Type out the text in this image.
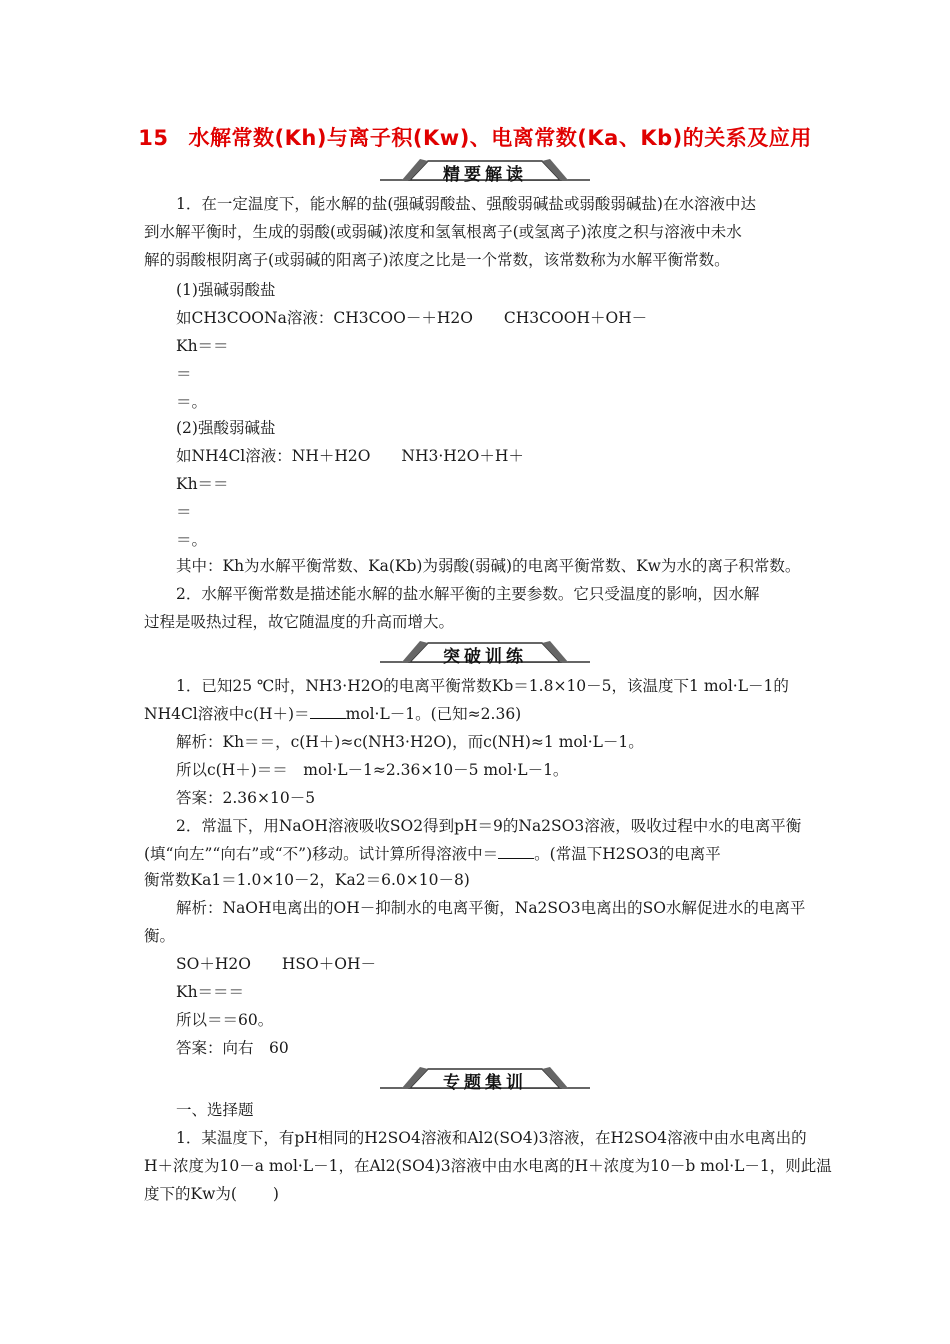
15 水解常数(Kh)与离子积(Kw)、电离常数(Ka、Kb)的关系及应用
精要解读
1．在一定温度下，能水解的盐(强碱弱酸盐、强酸弱碱盐或弱酸弱碱盐)在水溶液中达
到水解平衡时，生成的弱酸(或弱碱)浓度和氢氧根离子(或氢离子)浓度之积与溶液中未水
解的弱酸根阴离子(或弱碱的阳离子)浓度之比是一个常数，该常数称为水解平衡常数。
(1)强碱弱酸盐
如CH3COONa溶液：CH3COO－＋H2O　　CH3COOH＋OH－
Kh＝＝
＝
＝。
(2)强酸弱碱盐
如NH4Cl溶液：NH＋H2O　　NH3·H2O＋H＋
Kh＝＝
＝
＝。
其中：Kh为水解平衡常数、Ka(Kb)为弱酸(弱碱)的电离平衡常数、Kw为水的离子积常数。
2．水解平衡常数是描述能水解的盐水解平衡的主要参数。它只受温度的影响，因水解
过程是吸热过程，故它随温度的升高而增大。
突破训练
1．已知25 ℃时，NH3·H2O的电离平衡常数Kb＝1.8×10－5，该温度下1 mol·L－1的
NH4Cl溶液中c(H＋)＝ mol·L－1。(已知≈2.36)
解析：Kh＝＝，c(H＋)≈c(NH3·H2O)，而c(NH)≈1 mol·L－1。
所以c(H＋)＝＝　mol·L－1≈2.36×10－5 mol·L－1。
答案：2.36×10－5
2．常温下，用NaOH溶液吸收SO2得到pH＝9的Na2SO3溶液，吸收过程中水的电离平衡
(填“向左”“向右”或“不”)移动。试计算所得溶液中＝ 。(常温下H2SO3的电离平
衡常数Ka1＝1.0×10－2，Ka2＝6.0×10－8)
解析：NaOH电离出的OH－抑制水的电离平衡，Na2SO3电离出的SO水解促进水的电离平
衡。
SO＋H2O　　HSO＋OH－
Kh＝＝＝
所以＝＝60。
答案：向右　60
专题集训
一、选择题
1．某温度下，有pH相同的H2SO4溶液和Al2(SO4)3溶液，在H2SO4溶液中由水电离出的
H＋浓度为10－a mol·L－1，在Al2(SO4)3溶液中由水电离的H＋浓度为10－b mol·L－1，则此温
度下的Kw为( )
